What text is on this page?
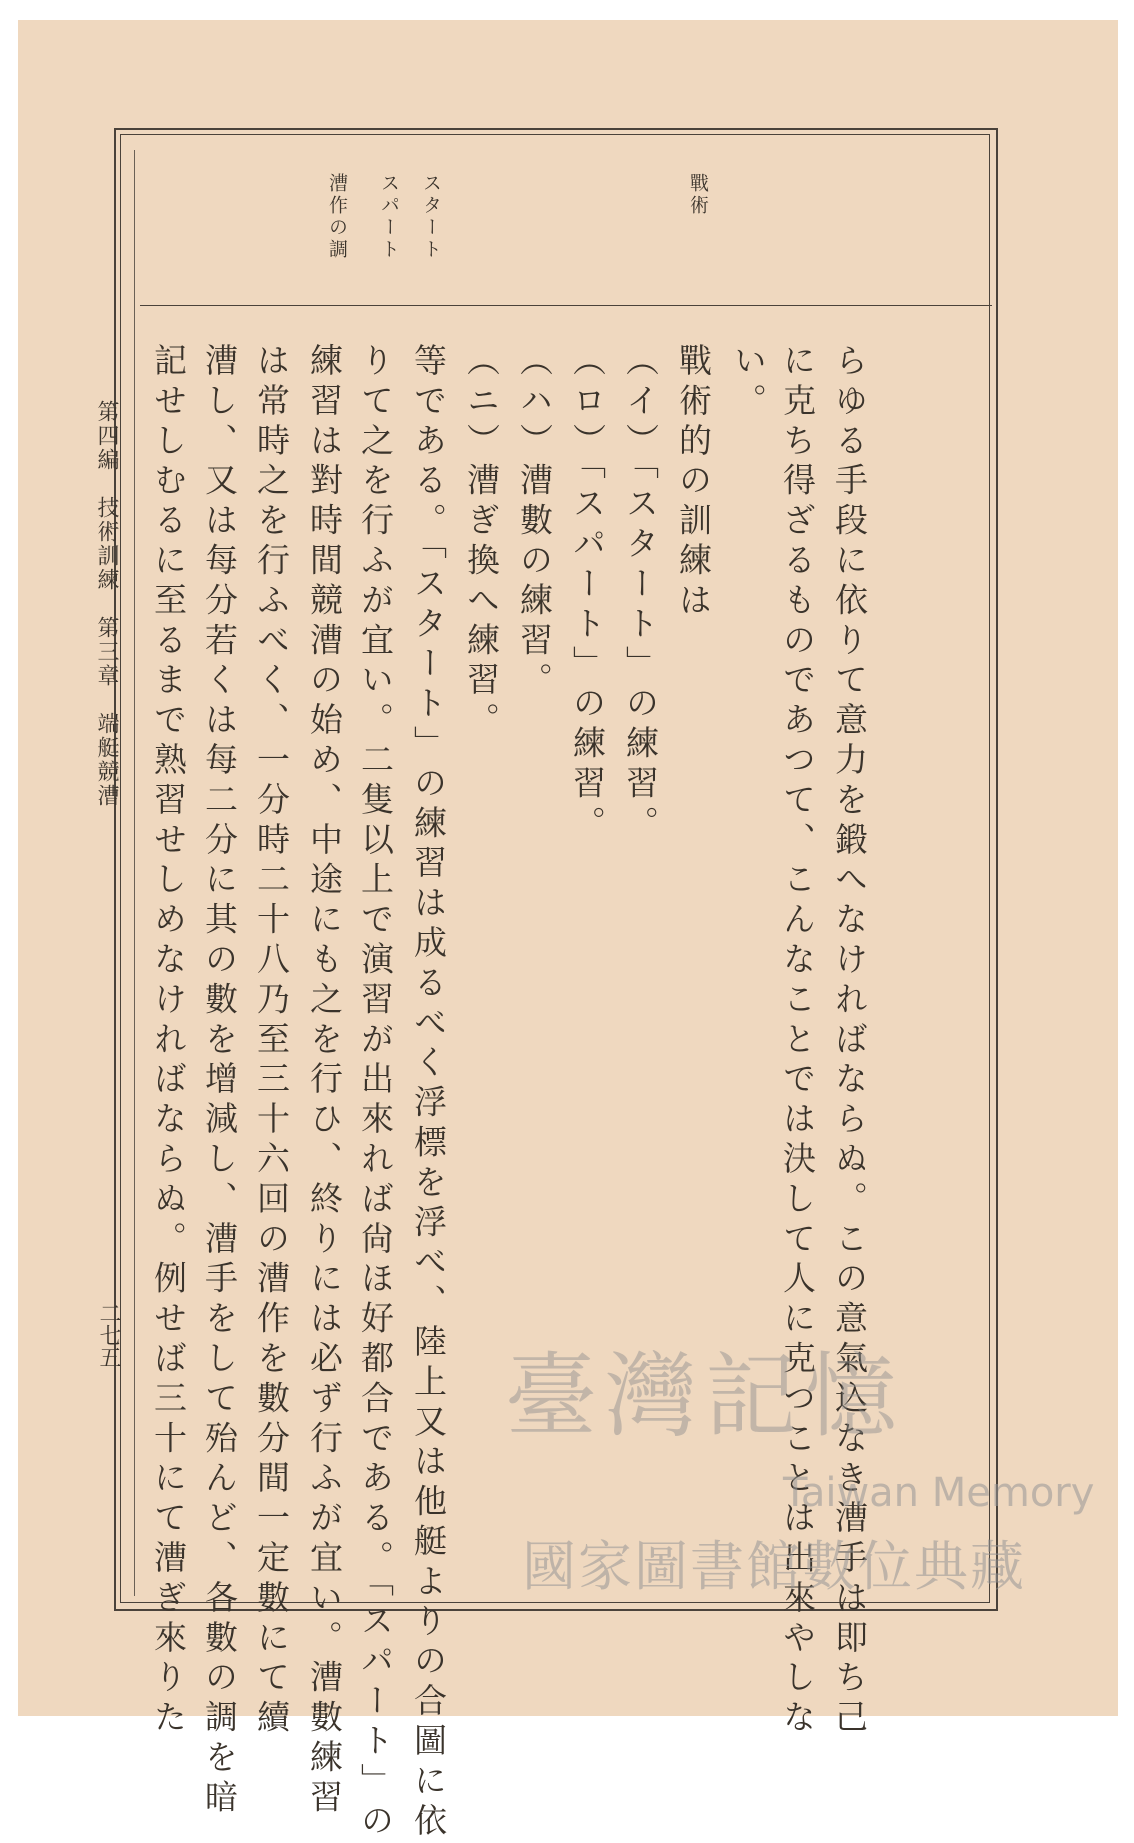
戰術
スタート
スパート
漕作の調
らゆる手段に依りて意力を鍛へなければならぬ。この意氣込なき漕手は即ち己
に克ち得ざるものであつて、こんなことでは決して人に克つことは出來やしな
い。
戰術的の訓練は
（イ）「スタート」の練習。
（ロ）「スパート」の練習。
（ハ）漕數の練習。
（ニ）漕ぎ換へ練習。
等である。「スタート」の練習は成るべく浮標を浮べ、陸上又は他艇よりの合圖に依
りて之を行ふが宜い。二隻以上で演習が出來れば尙ほ好都合である。「スパート」の
練習は對時間競漕の始め、中途にも之を行ひ、終りには必ず行ふが宜い。漕數練習
は常時之を行ふべく、一分時二十八乃至三十六回の漕作を數分間一定數にて續
漕し、又は每分若くは每二分に其の數を增減し、漕手をして殆んど、各數の調を暗
記せしむるに至るまで熟習せしめなければならぬ。例せば三十にて漕ぎ來りた
第四編　技術訓練　第三章　端艇競漕
二七五
臺灣記憶
Taiwan Memory
國家圖書館數位典藏
